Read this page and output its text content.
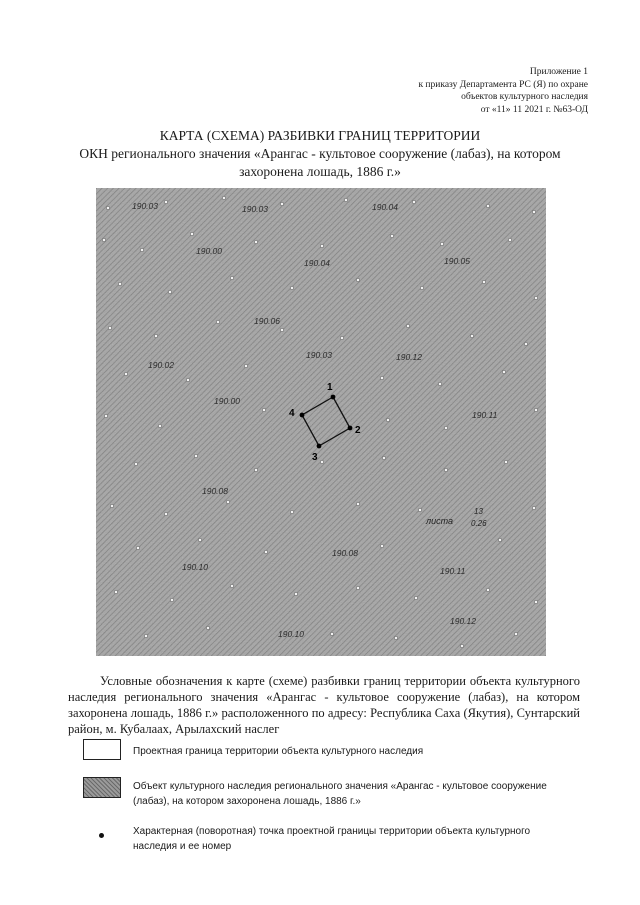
Приложение 1
к приказу Департамента РС (Я) по охране
объектов культурного наследия
от «11» 11 2021 г. №63-ОД
КАРТА (СХЕМА) РАЗБИВКИ ГРАНИЦ ТЕРРИТОРИИ
ОКН регионального значения «Арангас - культовое сооружение (лабаз), на котором
захоронена лошадь, 1886 г.»
190.03	190.03	190.04
190.00
190.04	190.05
190.06
190.03	190.12
190.02
190.00
190.11
190.08
190.08
190.10	190.11
190.12
190.10
1
2
3
4
листа
13
0.26
Условные обозначения к карте (схеме) разбивки границ территории объекта культурного наследия регионального значения «Арангас - культовое сооружение (лабаз), на котором захоронена лошадь, 1886 г.» расположенного по адресу: Республика Саха (Якутия), Сунтарский район, м. Кубалаах, Арылахский наслег
Проектная граница территории объекта культурного наследия
Объект культурного наследия регионального значения «Арангас - культовое сооружение (лабаз), на котором захоронена лошадь, 1886 г.»
Характерная (поворотная) точка проектной границы территории объекта культурного наследия и ее номер
